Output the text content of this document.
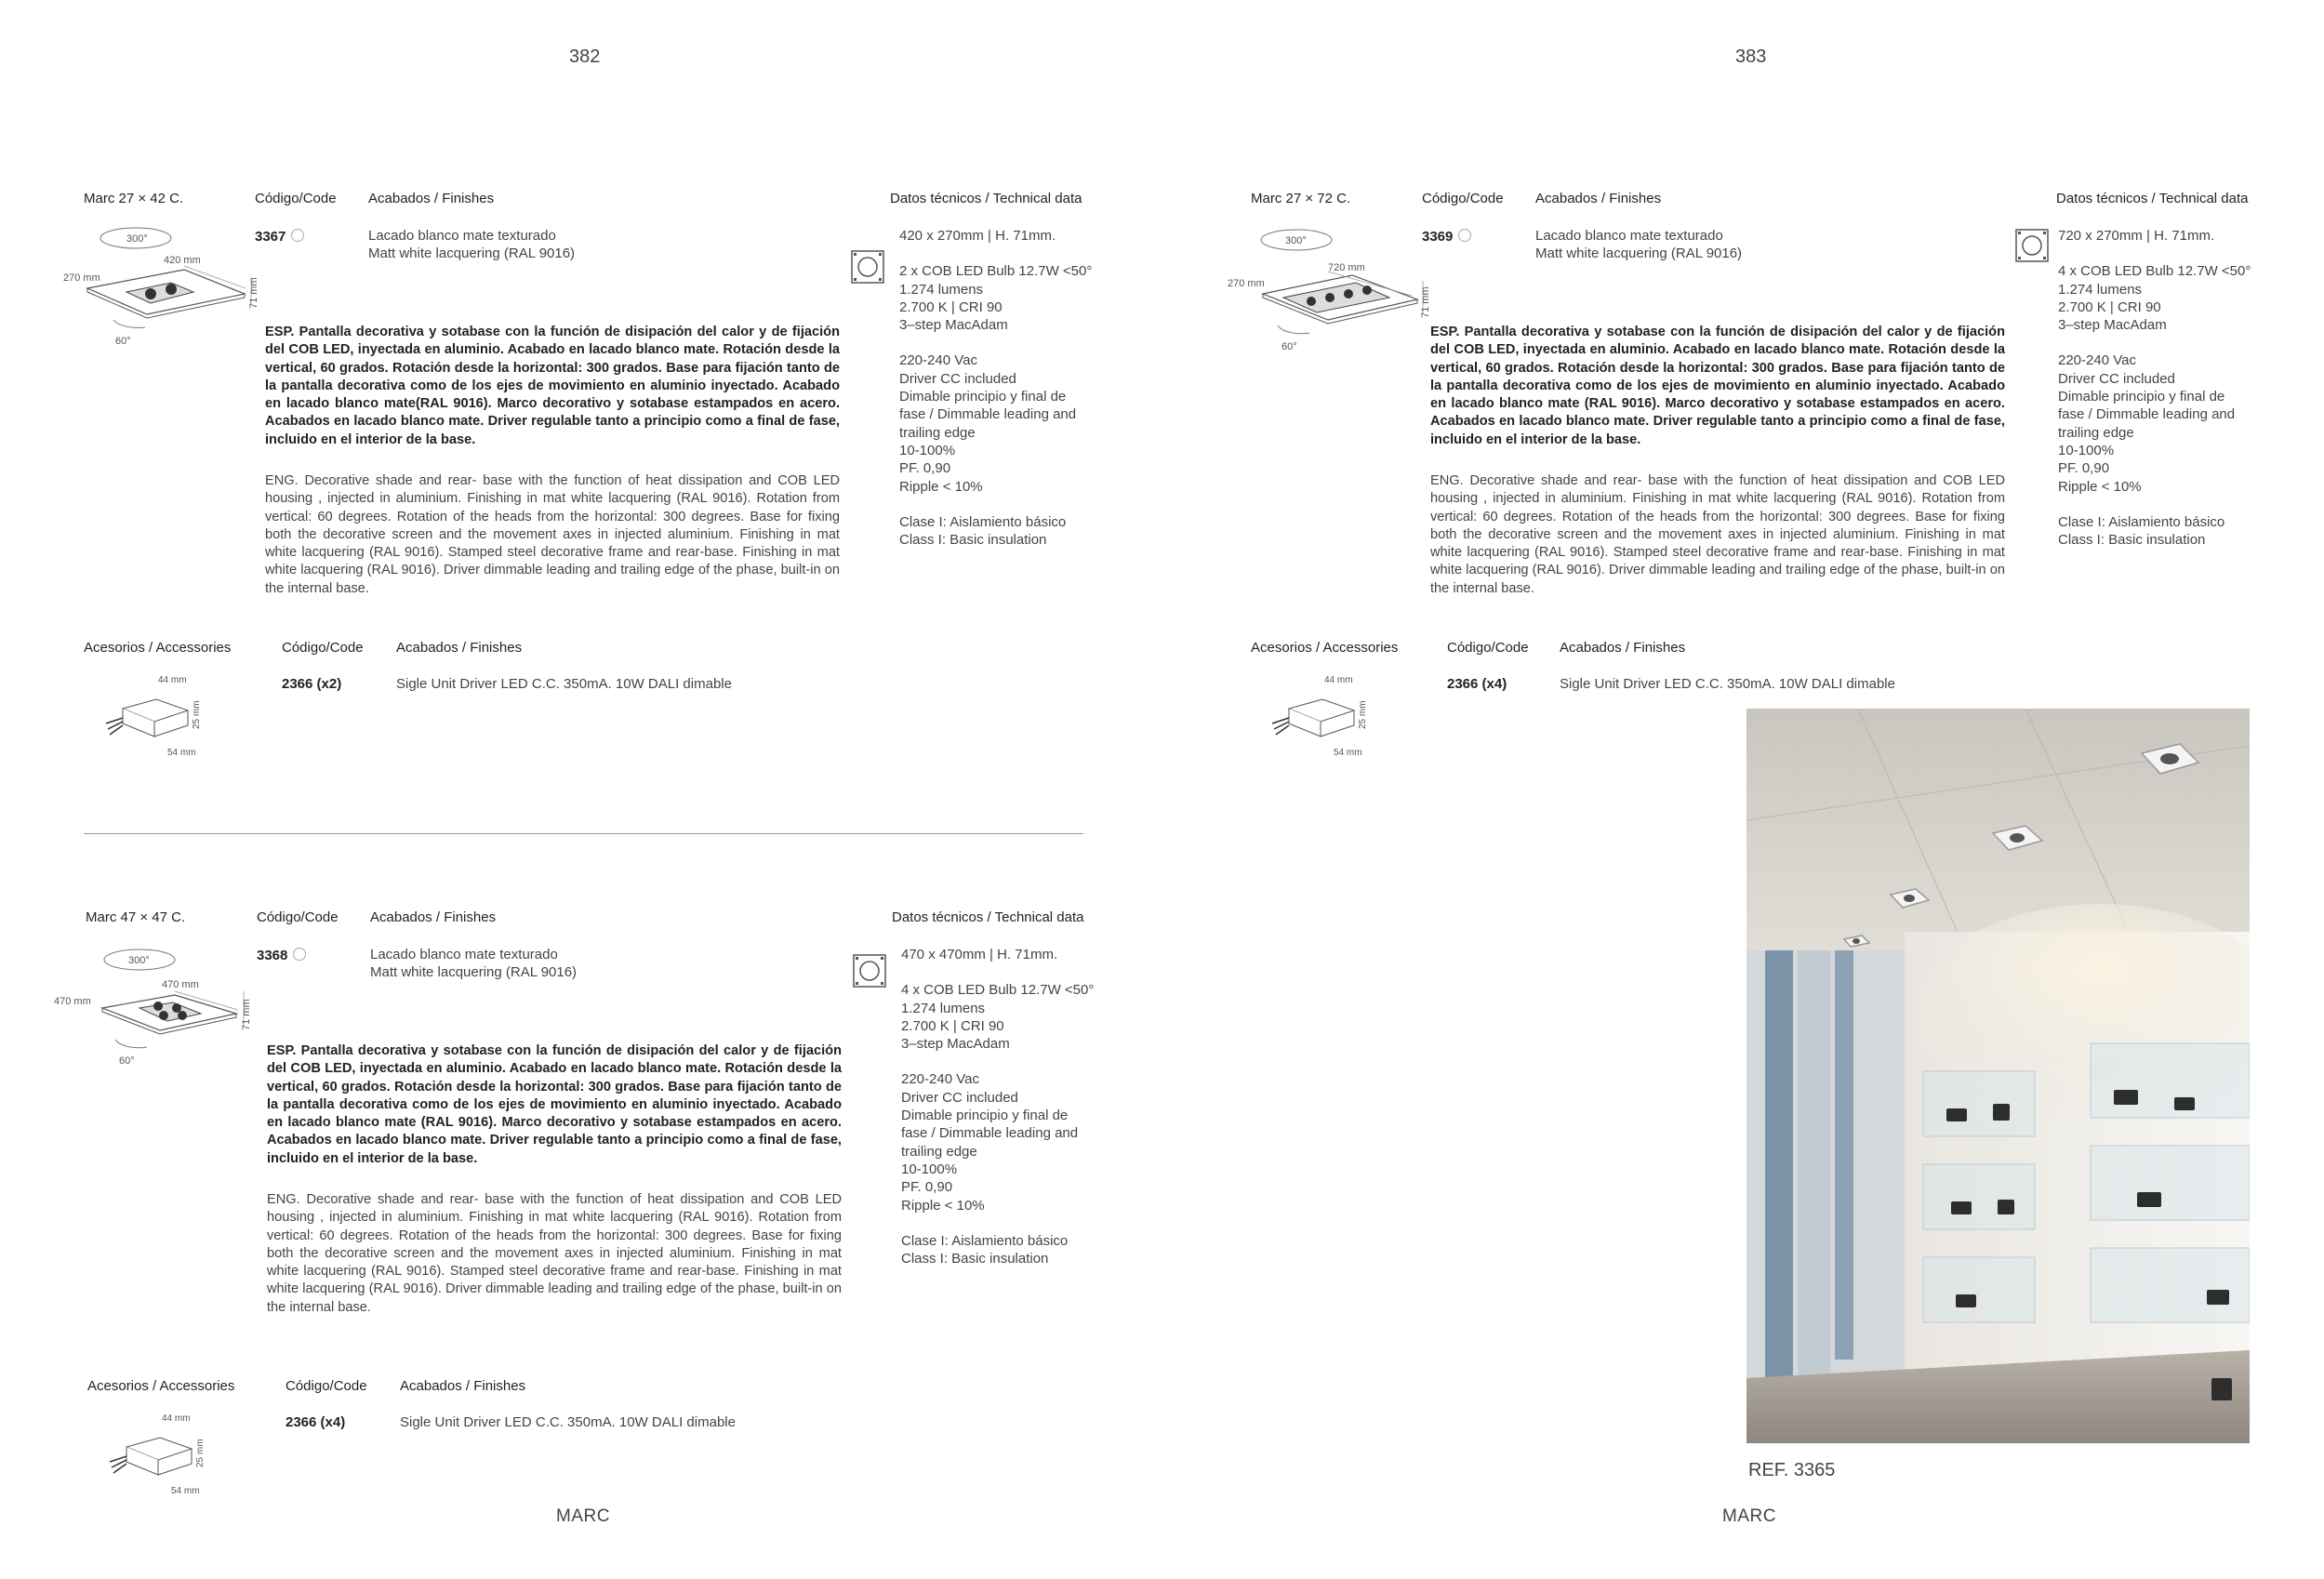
382	383
Marc 27 × 42 C.	Código/Code Acabados / Finishes	Datos técnicos / Technical data
3367	Lacado blanco mate texturado
Matt white lacquering (RAL 9016)
300°
420 mm
270 mm	71 mm
60°
ESP. Pantalla decorativa y sotabase con la función de disipación del calor y de fijación del COB LED, inyectada en aluminio. Acabado en lacado blanco mate. Rotación desde la vertical, 60 grados. Rotación desde la horizontal: 300 grados. Base para fijación tanto de la pantalla decorativa como de los ejes de movimiento en aluminio inyectado. Acabado en lacado blanco mate(RAL 9016). Marco decorativo y sotabase estampados en acero. Acabados en lacado blanco mate. Driver regulable tanto a principio como a final de fase, incluido en el interior de la base.
ENG. Decorative shade and rear- base with the function of heat dissipation and COB LED housing , injected in aluminium. Finishing in mat white lacquering (RAL 9016). Rotation from vertical: 60 degrees. Rotation of the heads from the horizontal: 300 degrees. Base for fixing both the decorative screen and the movement axes in injected aluminium. Finishing in mat white lacquering (RAL 9016). Stamped steel decorative frame and rear-base. Finishing in mat white lacquering (RAL 9016). Driver dimmable leading and trailing edge of the phase, built-in on the internal base.

420 x 270mm | H. 71mm.

2 x COB LED Bulb 12.7W <50°

1.274 lumens

2.700 K | CRI 90

3–step MacAdam

220-240 Vac

Driver CC included

Dimable principio y final de

fase / Dimmable leading and

trailing edge

10-100%

PF. 0,90

Ripple < 10%

Clase I: Aislamiento básico

Class I: Basic insulation

Acesorios / Accessories	Código/Code Acabados / Finishes
2366 (x2)	Sigle Unit Driver LED C.C. 350mA. 10W DALI dimable
44 mm
25 mm
54 mm
Marc 47 × 47 C.	Código/Code Acabados / Finishes	Datos técnicos / Technical data
3368	Lacado blanco mate texturado
Matt white lacquering (RAL 9016)
300°
470 mm
470 mm	71 mm
60°
ESP. Pantalla decorativa y sotabase con la función de disipación del calor y de fijación del COB LED, inyectada en aluminio. Acabado en lacado blanco mate. Rotación desde la vertical, 60 grados. Rotación desde la horizontal: 300 grados. Base para fijación tanto de la pantalla decorativa como de los ejes de movimiento en aluminio inyectado. Acabado en lacado blanco mate (RAL 9016). Marco decorativo y sotabase estampados en acero. Acabados en lacado blanco mate. Driver regulable tanto a principio como a final de fase, incluido en el interior de la base.
ENG. Decorative shade and rear- base with the function of heat dissipation and COB LED housing , injected in aluminium. Finishing in mat white lacquering (RAL 9016). Rotation from vertical: 60 degrees. Rotation of the heads from the horizontal: 300 degrees. Base for fixing both the decorative screen and the movement axes in injected aluminium. Finishing in mat white lacquering (RAL 9016). Stamped steel decorative frame and rear-base. Finishing in mat white lacquering (RAL 9016). Driver dimmable leading and trailing edge of the phase, built-in on the internal base.

470 x 470mm | H. 71mm.

4 x COB LED Bulb 12.7W <50°

1.274 lumens

2.700 K | CRI 90

3–step MacAdam

220-240 Vac

Driver CC included

Dimable principio y final de

fase / Dimmable leading and

trailing edge

10-100%

PF. 0,90

Ripple < 10%

Clase I: Aislamiento básico

Class I: Basic insulation

Acesorios / Accessories	Código/Code Acabados / Finishes
2366 (x4)	Sigle Unit Driver LED C.C. 350mA. 10W DALI dimable
44 mm
25 mm
54 mm
Marc 27 × 72 C.	Código/Code Acabados / Finishes	Datos técnicos / Technical data
3369	Lacado blanco mate texturado
Matt white lacquering (RAL 9016)
300°
720 mm
270 mm
71 mm
60°
ESP. Pantalla decorativa y sotabase con la función de disipación del calor y de fijación del COB LED, inyectada en aluminio. Acabado en lacado blanco mate. Rotación desde la vertical, 60 grados. Rotación desde la horizontal: 300 grados. Base para fijación tanto de la pantalla decorativa como de los ejes de movimiento en aluminio inyectado. Acabado en lacado blanco mate (RAL 9016). Marco decorativo y sotabase estampados en acero. Acabados en lacado blanco mate. Driver regulable tanto a principio como a final de fase, incluido en el interior de la base.
ENG. Decorative shade and rear- base with the function of heat dissipation and COB LED housing , injected in aluminium. Finishing in mat white lacquering (RAL 9016). Rotation from vertical: 60 degrees. Rotation of the heads from the horizontal: 300 degrees. Base for fixing both the decorative screen and the movement axes in injected aluminium. Finishing in mat white lacquering (RAL 9016). Stamped steel decorative frame and rear-base. Finishing in mat white lacquering (RAL 9016). Driver dimmable leading and trailing edge of the phase, built-in on the internal base.

720 x 270mm | H. 71mm.

4 x COB LED Bulb 12.7W <50°

1.274 lumens

2.700 K | CRI 90

3–step MacAdam

220-240 Vac

Driver CC included

Dimable principio y final de

fase / Dimmable leading and

trailing edge

10-100%

PF. 0,90

Ripple < 10%

Clase I: Aislamiento básico

Class I: Basic insulation

Acesorios / Accessories	Código/Code Acabados / Finishes
2366 (x4)	Sigle Unit Driver LED C.C. 350mA. 10W DALI dimable
44 mm
25 mm
54 mm
REF. 3365
MARC	MARC
